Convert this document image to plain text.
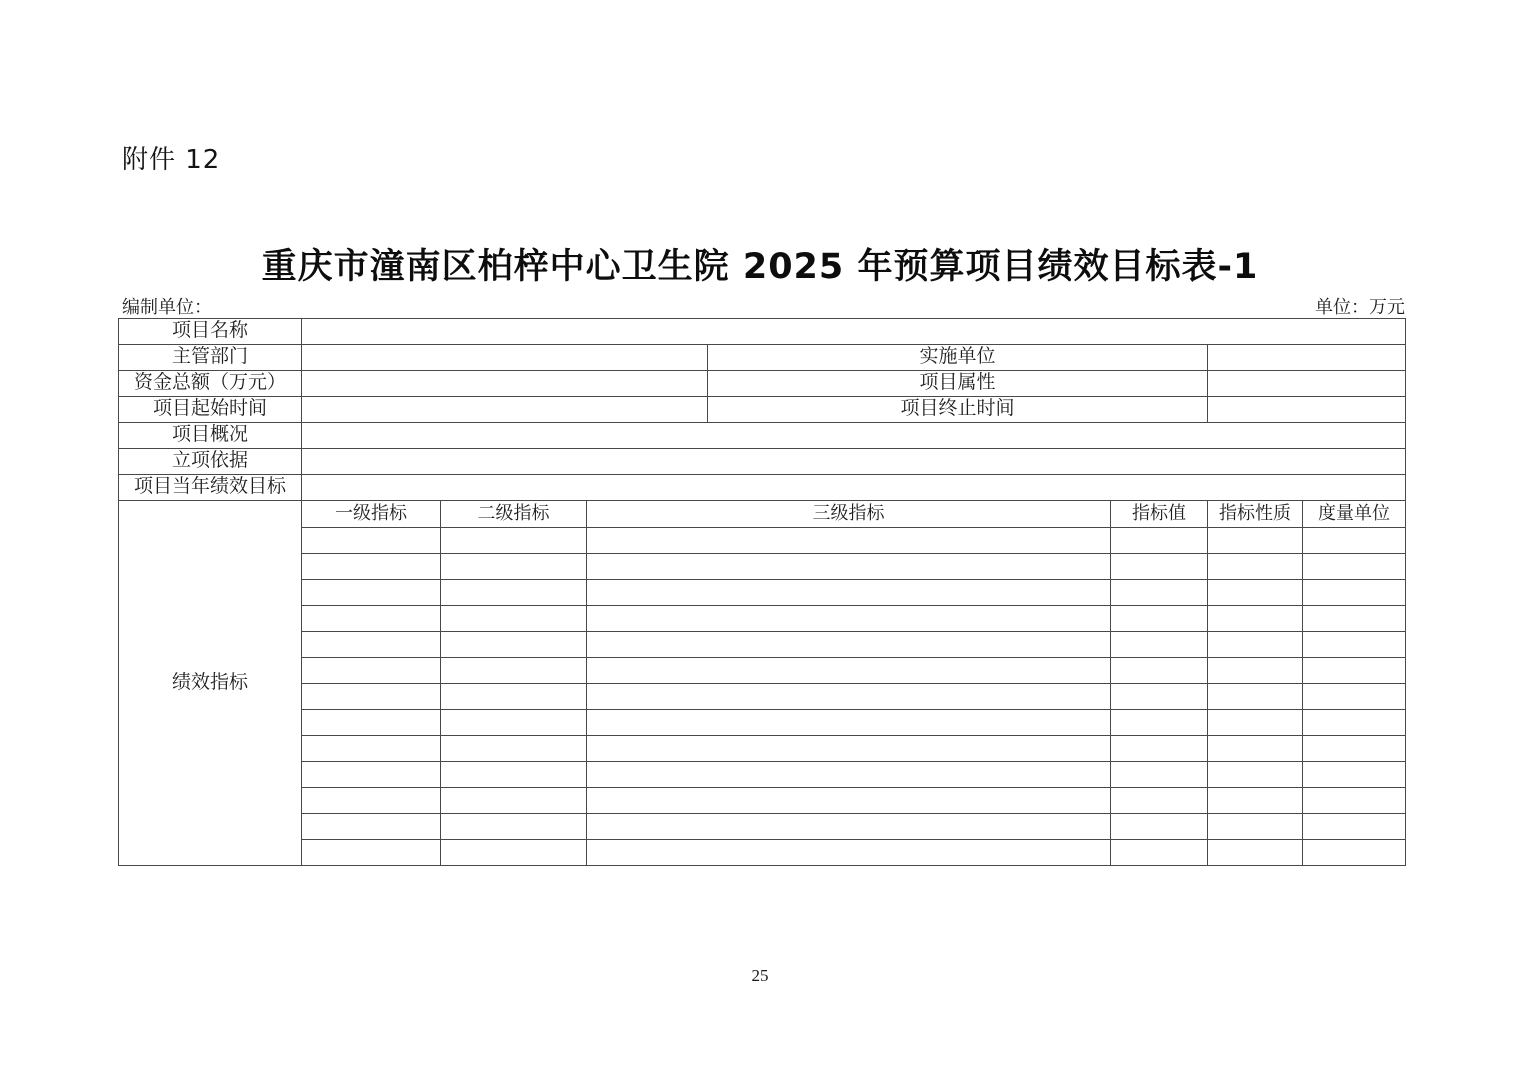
附件 12
重庆市潼南区柏梓中心卫生院 2025 年预算项目绩效目标表-1
编制单位：	单位：万元
项目名称							
主管部门				实施单位			
资金总额（万元）				项目属性			
项目起始时间				项目终止时间			
项目概况							
立项依据							
项目当年绩效目标							
绩效指标	一级指标	二级指标	三级指标		指标值	指标性质	度量单位

25
